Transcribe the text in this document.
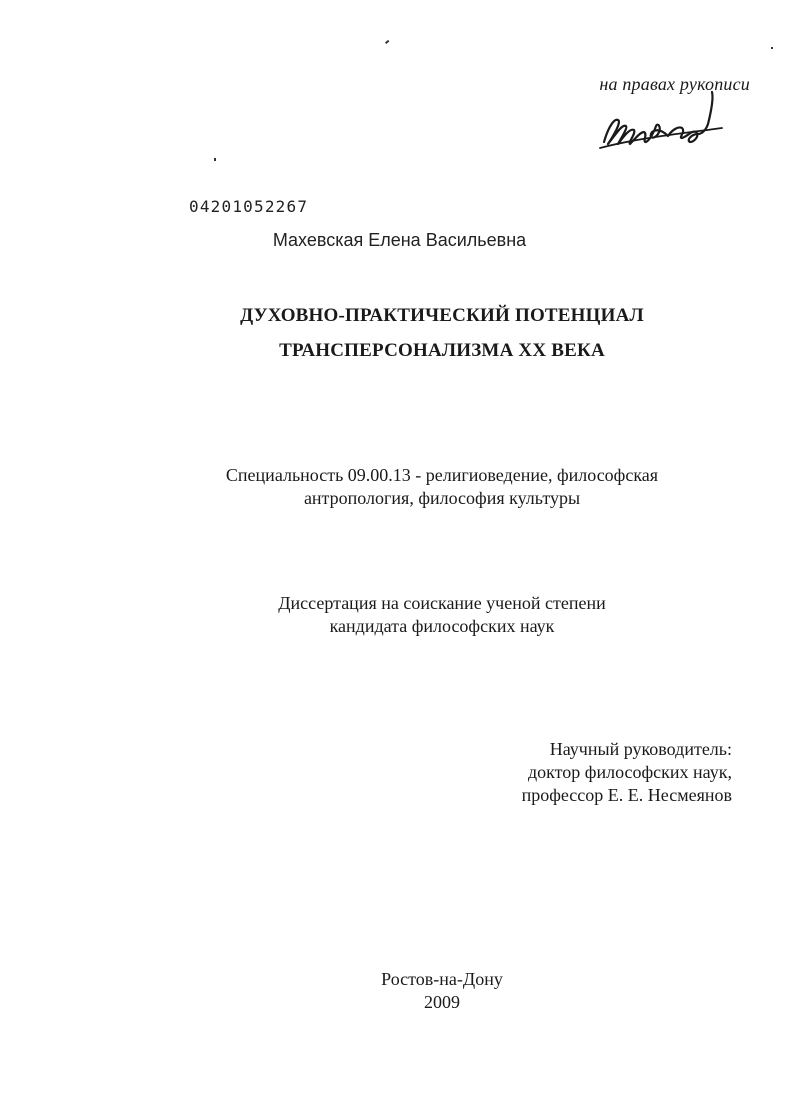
на правах рукописи
04201052267
Махевская Елена Васильевна
ДУХОВНО-ПРАКТИЧЕСКИЙ ПОТЕНЦИАЛ
ТРАНСПЕРСОНАЛИЗМА XX ВЕКА
Специальность 09.00.13 - религиоведение, философская
антропология, философия культуры
Диссертация на соискание ученой степени
кандидата философских наук
Научный руководитель:
доктор философских наук,
профессор Е. Е. Несмеянов
Ростов-на-Дону
2009
